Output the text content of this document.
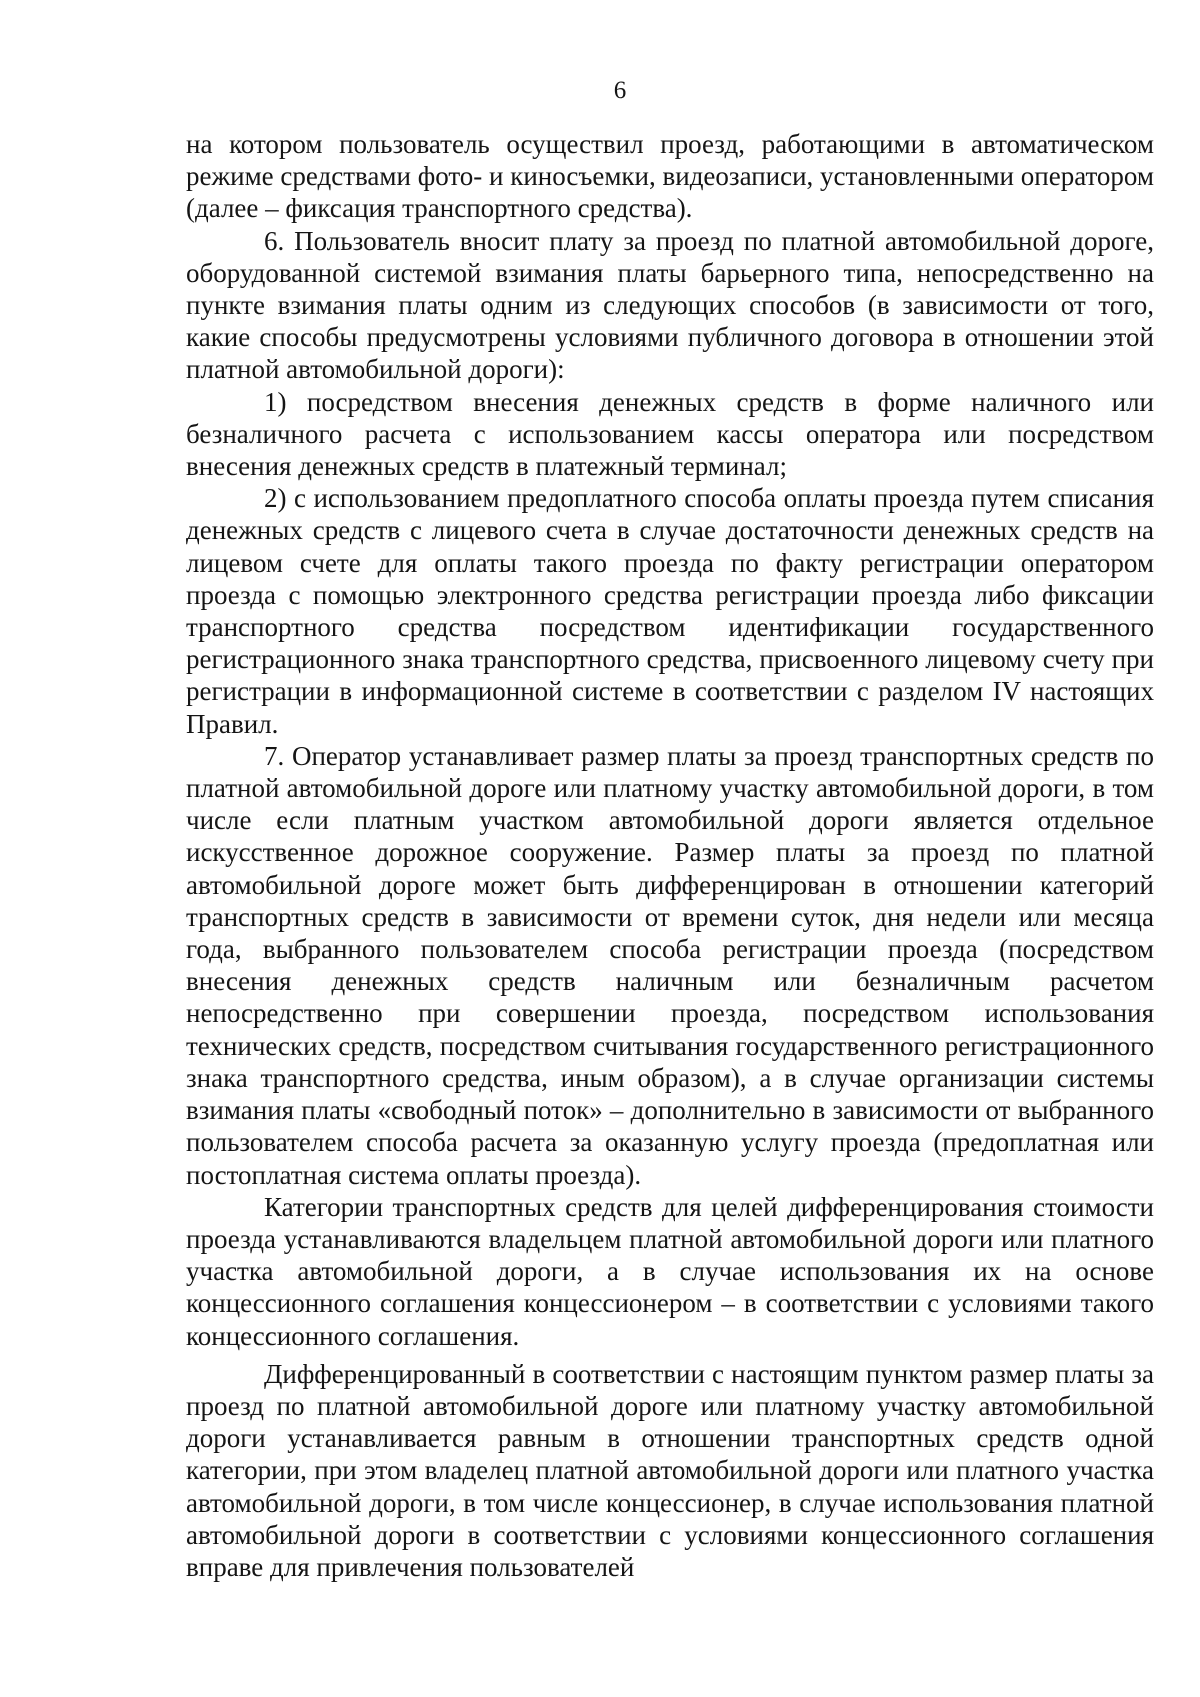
6

на котором пользователь осуществил проезд, работающими в автоматическом режиме средствами фото- и киносъемки, видеозаписи, установленными оператором (далее – фиксация транспортного средства).

6. Пользователь вносит плату за проезд по платной автомобильной дороге, оборудованной системой взимания платы барьерного типа, непосредственно на пункте взимания платы одним из следующих способов (в зависимости от того, какие способы предусмотрены условиями публичного договора в отношении этой платной автомобильной дороги):

1) посредством внесения денежных средств в форме наличного или безналичного расчета с использованием кассы оператора или посредством внесения денежных средств в платежный терминал;

2) с использованием предоплатного способа оплаты проезда путем списания денежных средств с лицевого счета в случае достаточности денежных средств на лицевом счете для оплаты такого проезда по факту регистрации оператором проезда с помощью электронного средства регистрации проезда либо фиксации транспортного средства посредством идентификации государственного регистрационного знака транспортного средства, присвоенного лицевому счету при регистрации в информационной системе в соответствии с разделом IV настоящих Правил.

7. Оператор устанавливает размер платы за проезд транспортных средств по платной автомобильной дороге или платному участку автомобильной дороги, в том числе если платным участком автомобильной дороги является отдельное искусственное дорожное сооружение. Размер платы за проезд по платной автомобильной дороге может быть дифференцирован в отношении категорий транспортных средств в зависимости от времени суток, дня недели или месяца года, выбранного пользователем способа регистрации проезда (посредством внесения денежных средств наличным или безналичным расчетом непосредственно при совершении проезда, посредством использования технических средств, посредством считывания государственного регистрационного знака транспортного средства, иным образом), а в случае организации системы взимания платы «свободный поток» – дополнительно в зависимости от выбранного пользователем способа расчета за оказанную услугу проезда (предоплатная или постоплатная система оплаты проезда).

Категории транспортных средств для целей дифференцирования стоимости проезда устанавливаются владельцем платной автомобильной дороги или платного участка автомобильной дороги, а в случае использования их на основе концессионного соглашения концессионером – в соответствии с условиями такого концессионного соглашения.

Дифференцированный в соответствии с настоящим пунктом размер платы за проезд по платной автомобильной дороге или платному участку автомобильной дороги устанавливается равным в отношении транспортных средств одной категории, при этом владелец платной автомобильной дороги или платного участка автомобильной дороги, в том числе концессионер, в случае использования платной автомобильной дороги в соответствии с условиями концессионного соглашения вправе для привлечения пользователей
